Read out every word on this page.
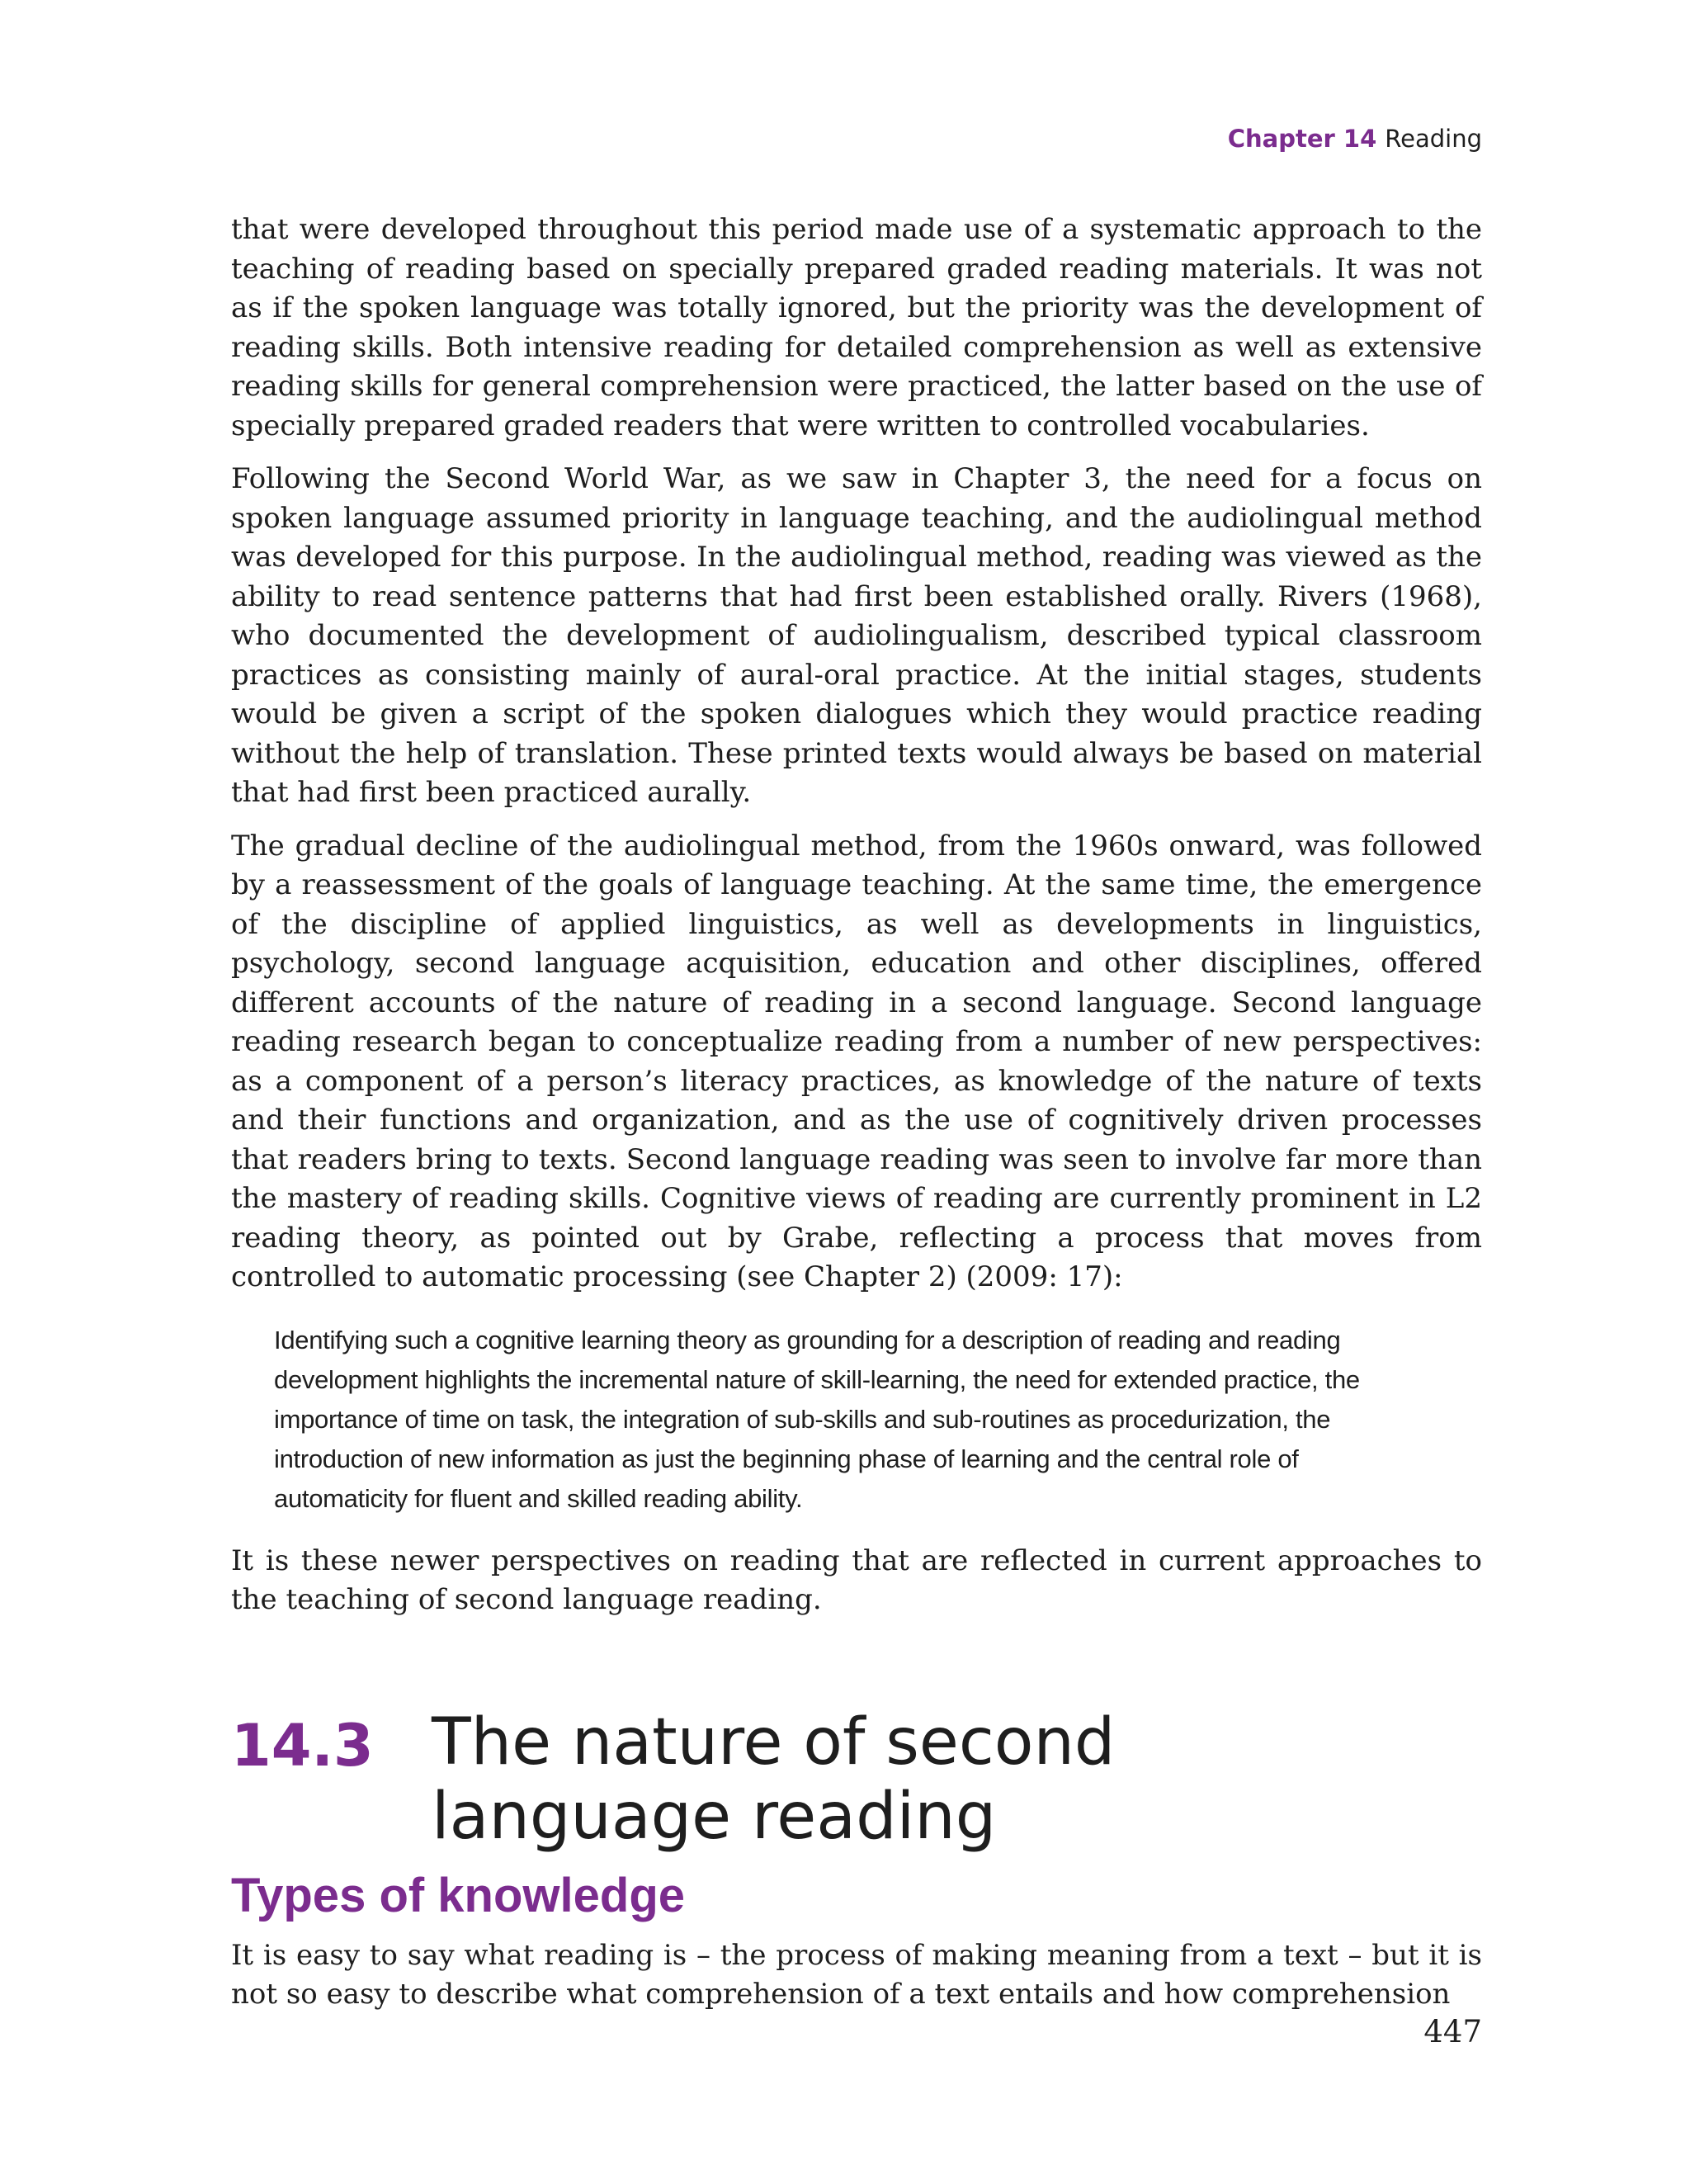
Chapter 14 Reading

that were developed throughout this period made use of a systematic approach to the teaching of reading based on specially prepared graded reading materials. It was not as if the spoken language was totally ignored, but the priority was the development of reading skills. Both intensive reading for detailed comprehension as well as extensive reading skills for general comprehension were practiced, the latter based on the use of specially prepared graded readers that were written to controlled vocabularies.

Following the Second World War, as we saw in Chapter 3, the need for a focus on spoken language assumed priority in language teaching, and the audiolingual method was developed for this purpose. In the audiolingual method, reading was viewed as the ability to read sentence patterns that had first been established orally. Rivers (1968), who documented the development of audiolingualism, described typical classroom practices as consisting mainly of aural-oral practice. At the initial stages, students would be given a script of the spoken dialogues which they would practice reading without the help of translation. These printed texts would always be based on material that had first been practiced aurally.

The gradual decline of the audiolingual method, from the 1960s onward, was followed by a reassessment of the goals of language teaching. At the same time, the emergence of the discipline of applied linguistics, as well as developments in linguistics, psychology, second language acquisition, education and other disciplines, offered different accounts of the nature of reading in a second language. Second language reading research began to conceptualize reading from a number of new perspectives: as a component of a person’s literacy practices, as knowledge of the nature of texts and their functions and organization, and as the use of cognitively driven processes that readers bring to texts. Second language reading was seen to involve far more than the mastery of reading skills. Cognitive views of reading are currently prominent in L2 reading theory, as pointed out by Grabe, reflecting a process that moves from controlled to automatic processing (see Chapter 2) (2009: 17):

Identifying such a cognitive learning theory as grounding for a description of reading and reading development highlights the incremental nature of skill-learning, the need for extended practice, the importance of time on task, the integration of sub-skills and sub-routines as procedurization, the introduction of new information as just the beginning phase of learning and the central role of automaticity for fluent and skilled reading ability.

It is these newer perspectives on reading that are reflected in current approaches to the teaching of second language reading.

14.3 The nature of second language reading
Types of knowledge

It is easy to say what reading is – the process of making meaning from a text – but it is not so easy to describe what comprehension of a text entails and how comprehension

447
